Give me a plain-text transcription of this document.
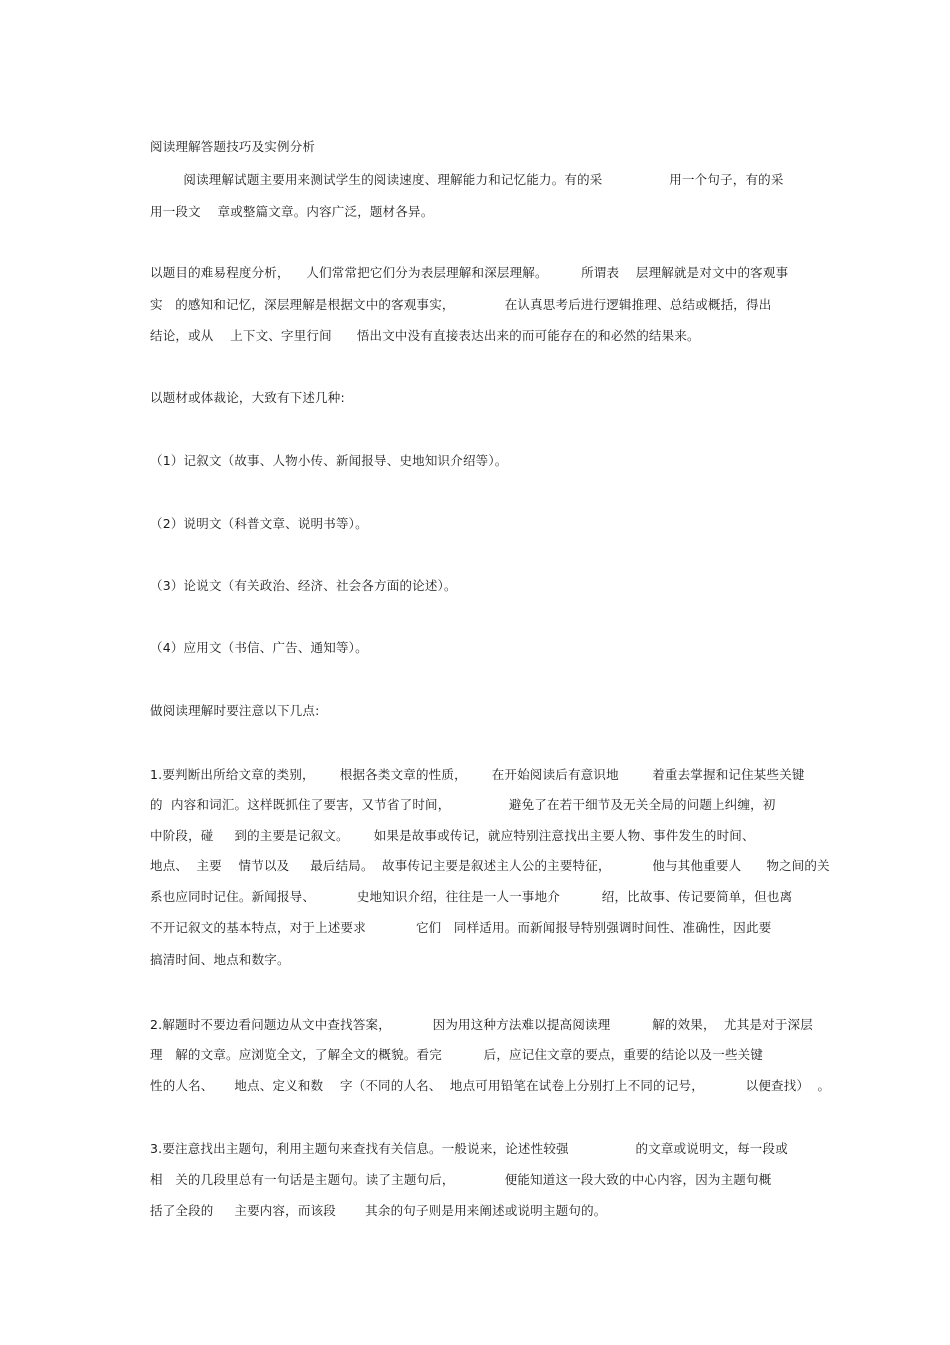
阅读理解答题技巧及实例分析
阅读理解试题主要用来测试学生的阅读速度、理解能力和记忆能力。有的采                用一个句子，有的采
用一段文    章或整篇文章。内容广泛，题材各异。
以题目的难易程度分析，    人们常常把它们分为表层理解和深层理解。        所谓表    层理解就是对文中的客观事
实   的感知和记忆，深层理解是根据文中的客观事实，            在认真思考后进行逻辑推理、总结或概括，得出
结论，或从    上下文、字里行间      悟出文中没有直接表达出来的而可能存在的和必然的结果来。
以题材或体裁论，大致有下述几种:
（1）记叙文（故事、人物小传、新闻报导、史地知识介绍等）。
（2）说明文（科普文章、说明书等）。
（3）论说文（有关政治、经济、社会各方面的论述）。
（4）应用文（书信、广告、通知等）。
做阅读理解时要注意以下几点:
1.要判断出所给文章的类别，      根据各类文章的性质，      在开始阅读后有意识地        着重去掌握和记住某些关键
的  内容和词汇。这样既抓住了要害，又节省了时间，              避免了在若干细节及无关全局的问题上纠缠，初
中阶段，碰     到的主要是记叙文。      如果是故事或传记，就应特别注意找出主要人物、事件发生的时间、
地点、  主要    情节以及     最后结局。  故事传记主要是叙述主人公的主要特征，          他与其他重要人      物之间的关
系也应同时记住。新闻报导、          史地知识介绍，往往是一人一事地介          绍，比故事、传记要简单，但也离
不开记叙文的基本特点，对于上述要求            它们   同样适用。而新闻报导特别强调时间性、准确性，因此要
搞清时间、地点和数字。
2.解题时不要边看问题边从文中查找答案，          因为用这种方法难以提高阅读理          解的效果，  尤其是对于深层
理   解的文章。应浏览全文，了解全文的概貌。看完          后，应记住文章的要点，重要的结论以及一些关键
性的人名、     地点、定义和数    字（不同的人名、  地点可用铅笔在试卷上分别打上不同的记号，          以便查找）  。
3.要注意找出主题句，利用主题句来查找有关信息。一般说来，论述性较强                的文章或说明文，每一段或
相   关的几段里总有一句话是主题句。读了主题句后，            便能知道这一段大致的中心内容，因为主题句概
括了全段的     主要内容，而该段       其余的句子则是用来阐述或说明主题句的。
